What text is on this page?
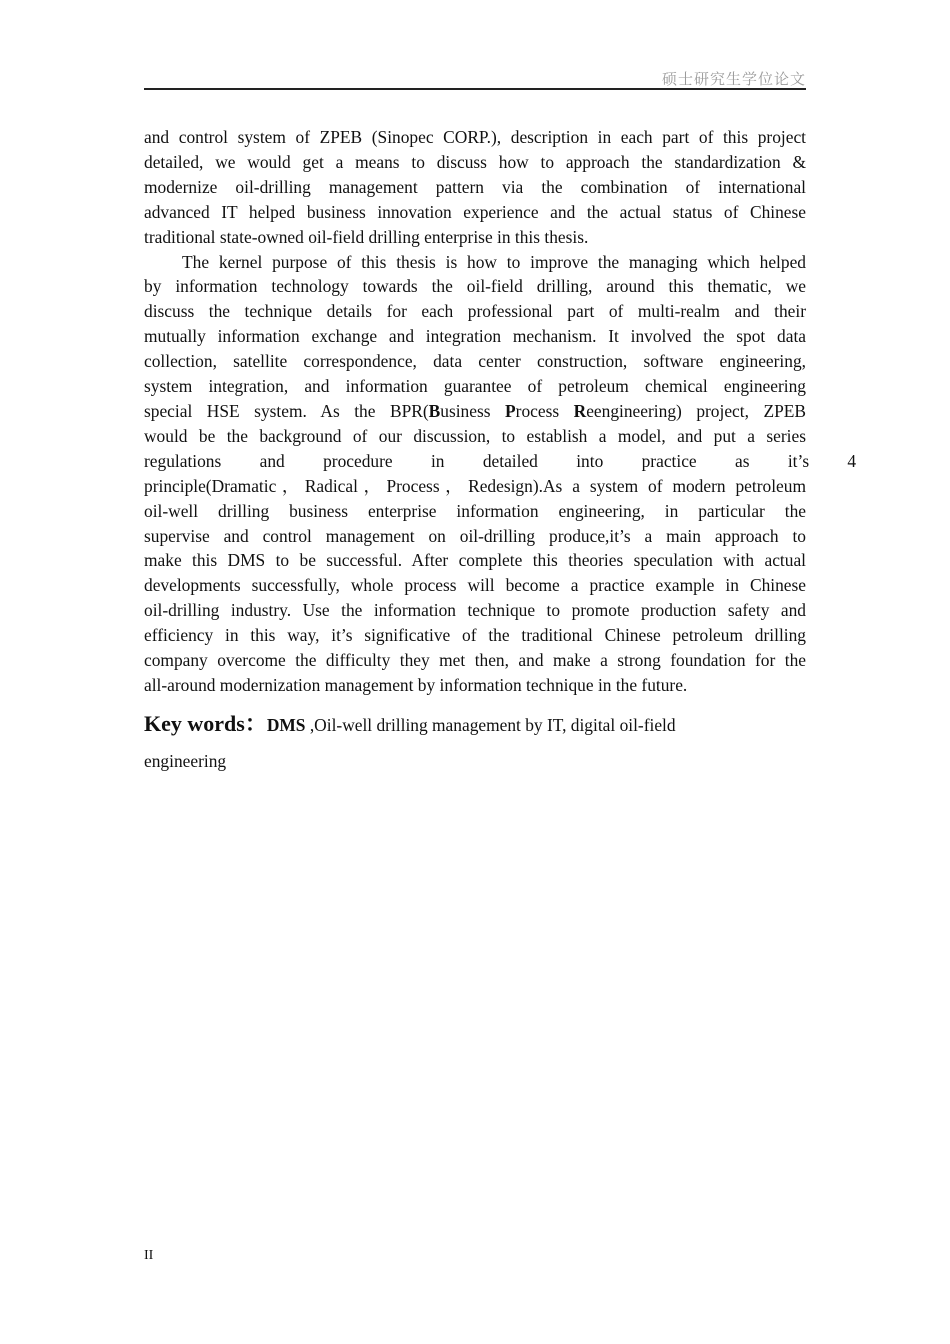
硕士研究生学位论文

and control system of ZPEB (Sinopec CORP.), description in each part of this project
detailed, we would get a means to discuss how to approach the standardization &
modernize oil-drilling management pattern via the combination of international
advanced IT helped business innovation experience and the actual status of Chinese
traditional state-owned oil-field drilling enterprise in this thesis.

The kernel purpose of this thesis is how to improve the managing which helped
by information technology towards the oil-field drilling, around this thematic, we
discuss the technique details for each professional part of multi-realm and their
mutually information exchange and integration mechanism. It involved the spot data
collection, satellite correspondence, data center construction, software engineering,
system integration, and information guarantee of petroleum chemical engineering
special HSE system. As the BPR(Business Process Reengineering) project, ZPEB
would be the background of our discussion, to establish a model, and put a series
regulations and procedure in detailed into practice as it’s 4
principle(Dramatic，Radical，Process，Redesign).As a system of modern petroleum
oil-well drilling business enterprise information engineering, in particular the
supervise and control management on oil-drilling produce,it’s a main approach to
make this DMS to be successful. After complete this theories speculation with actual
developments successfully, whole process will become a practice example in Chinese
oil-drilling industry. Use the information technique to promote production safety and
efficiency in this way, it’s significative of the traditional Chinese petroleum drilling
company overcome the difficulty they met then, and make a strong foundation for the
all-around modernization management by information technique in the future.

Key words：DMS ,Oil-well drilling management by IT, digital oil-field
engineering
II
